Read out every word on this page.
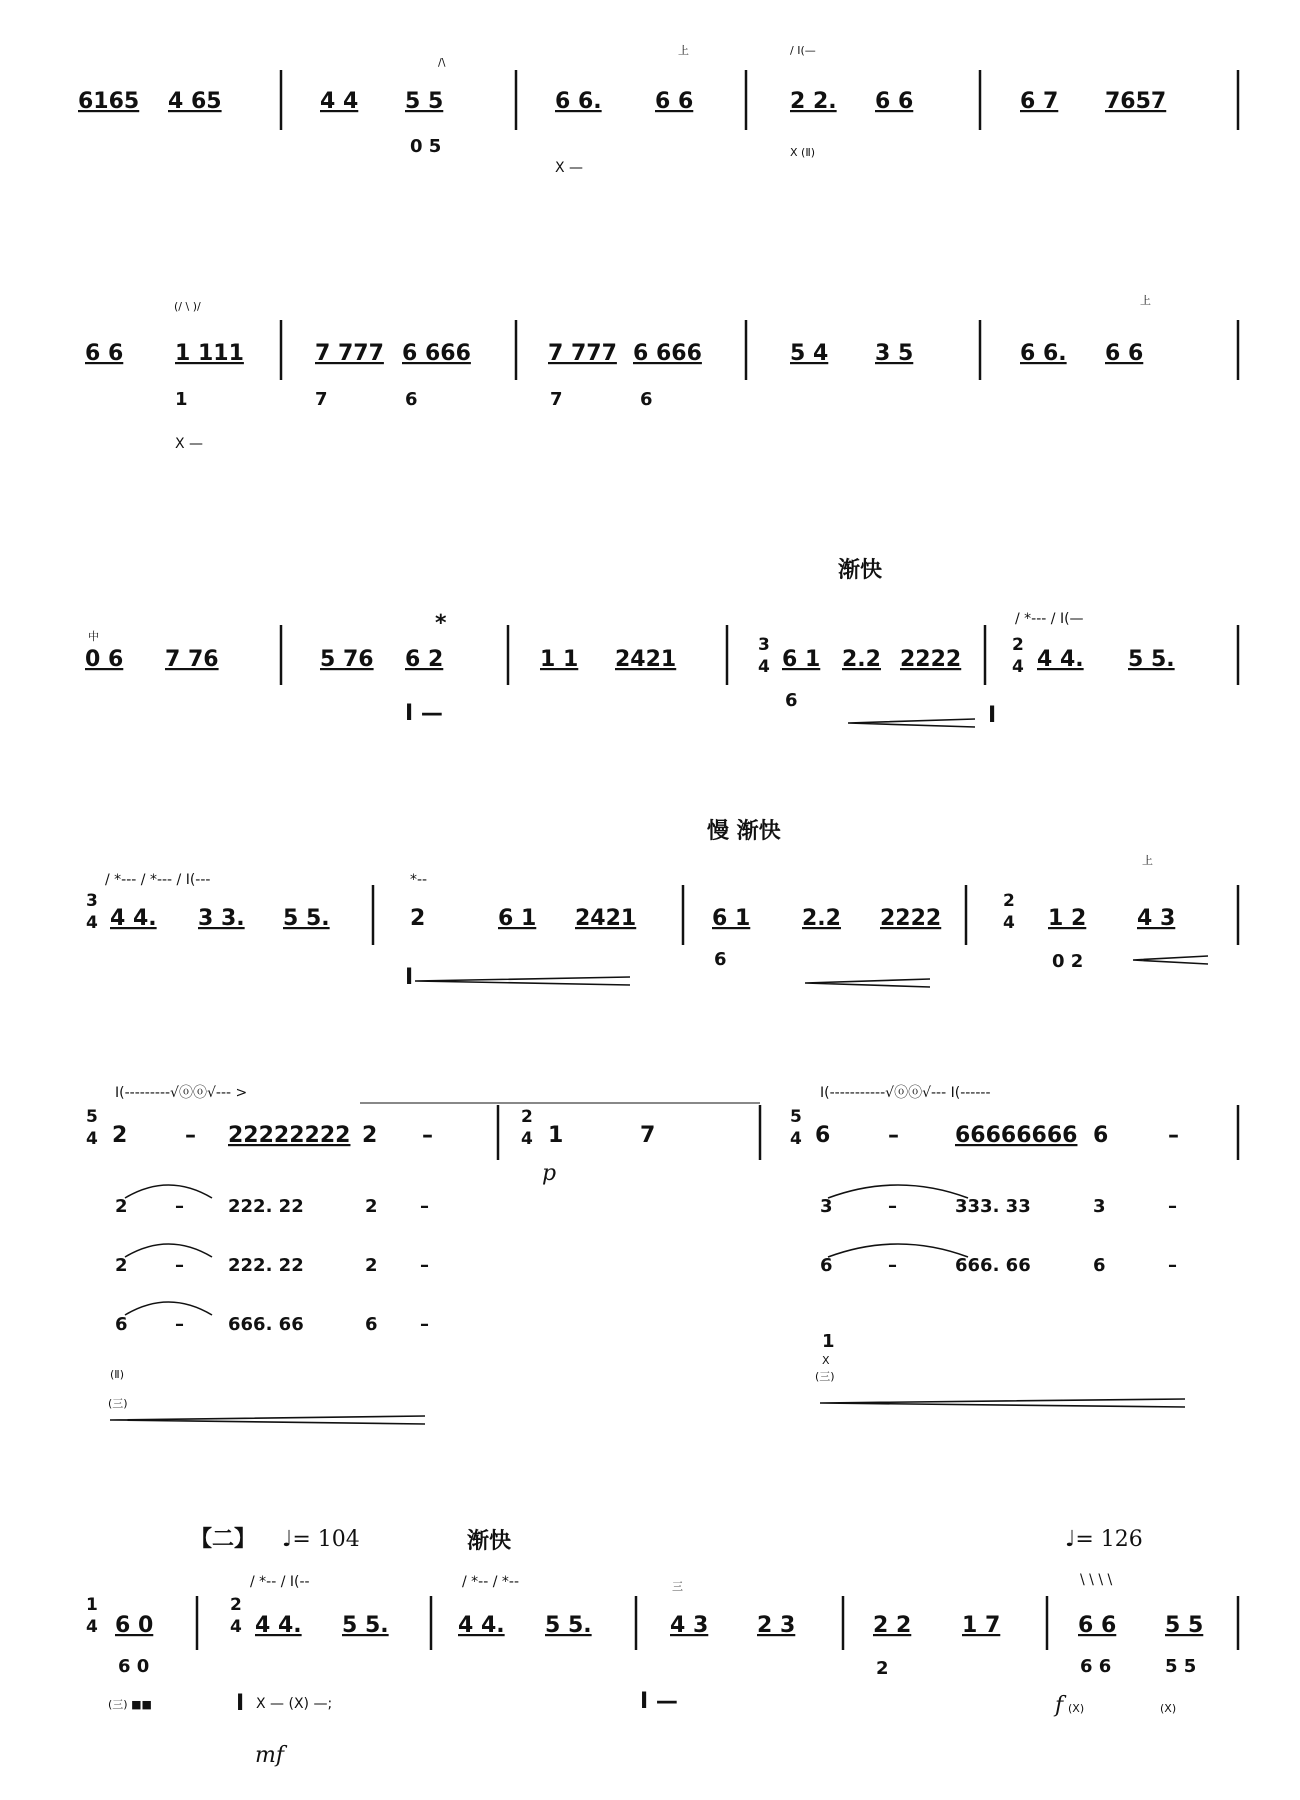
6165 4 65	4 4 5 5
0 5
6 6. 6 6	2 2. 6 6	6 7 7657
X —
X (Ⅱ)
上	/ I(—
/\
(/ \ )/
6 6 1 111
1
X —
7 777 6 666
7	6
7 777 6 666
7	6
5 4 3 5	6 6. 6 6
上
渐快
中
0 6 7 76	5 76 6 2
*
I —
1 1 2421
3
4 6 1 2.2 2222
6
I
2
4 4 4. 5 5.
/ *--- / I(—
慢 渐快
/ *--- / *--- / I(---	*--
3
4 4 4. 3 3. 5 5.	2	6 1 2421
I
6 1 2.2 2222
6
2
4 1 2 4 3
0 2
上
I(---------√ⓞⓞ√--- >
5
4 2	– 22222222 2 –
2
4 1	7
p
2	– 222. 22	2 –
2	– 222. 22	2 –
6	– 666. 66	6 –
(Ⅱ)
(三)
I(-----------√ⓞⓞ√--- I(------
5
4 6	–	66666666 6	–
3	–	333. 33	3	–
6	–	666. 66	6	–
1
X
(三)
【二】 ♩= 104	渐快	♩= 126
/ *-- / I(--	/ *-- / *--	\ \ \ \
1
4 6 0
6 0
(三) ■■
2
4 4 4. 5 5.
I X — (X) —;
mf
4 4. 5 5.	4 3 2 3
三
I —
2 2 1 7
2
6 6 5 5
6 6	5 5
f (X)	(X)
